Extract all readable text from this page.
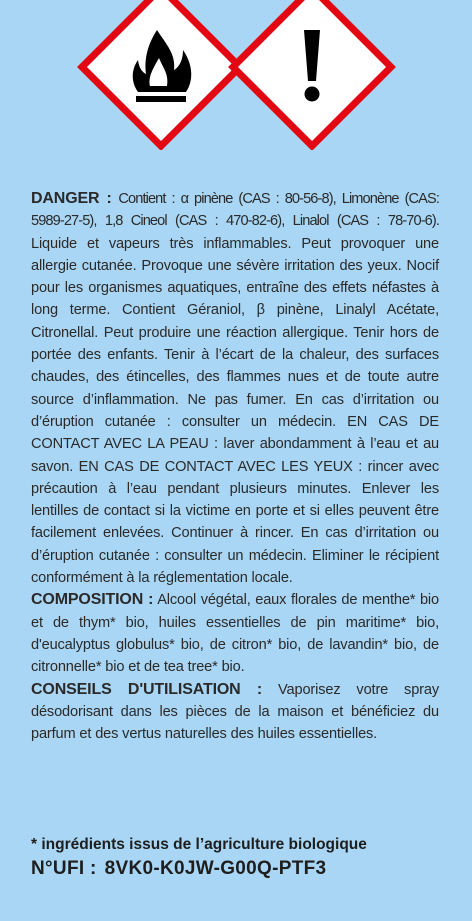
DANGER : Contient : α pinène (CAS : 80-56-8), Limonène (CAS: 5989-27-5), 1,8 Cineol (CAS : 470-82-6), Linalol (CAS : 78-70-6). Liquide et vapeurs très inflammables. Peut provoquer une allergie cutanée. Provoque une sévère irritation des yeux. Nocif pour les organismes aquatiques, entraîne des effets néfastes à long terme. Contient Géraniol, β pinène, Linalyl Acétate, Citronellal. Peut produire une réaction allergique. Tenir hors de portée des enfants. Tenir à l’écart de la chaleur, des surfaces chaudes, des étincelles, des flammes nues et de toute autre source d’inflammation. Ne pas fumer. En cas d’irritation ou d’éruption cutanée : consulter un médecin. EN CAS DE CONTACT AVEC LA PEAU : laver abondamment à l’eau et au savon. EN CAS DE CONTACT AVEC LES YEUX : rincer avec précaution à l’eau pendant plusieurs minutes. Enlever les lentilles de contact si la victime en porte et si elles peuvent être facilement enlevées. Continuer à rincer. En cas d’irritation ou d’éruption cutanée : consulter un médecin. Eliminer le récipient conformément à la réglementation locale.

COMPOSITION : Alcool végétal, eaux florales de menthe* bio et de thym* bio, huiles essentielles de pin maritime* bio, d'eucalyptus globulus* bio, de citron* bio, de lavandin* bio, de citronnelle* bio et de tea tree* bio.

CONSEILS D'UTILISATION : Vaporisez votre spray désodorisant dans les pièces de la maison et bénéficiez du parfum et des vertus naturelles des huiles essentielles.

* ingrédients issus de l’agriculture biologique
N°UFI : 8VK0-K0JW-G00Q-PTF3
